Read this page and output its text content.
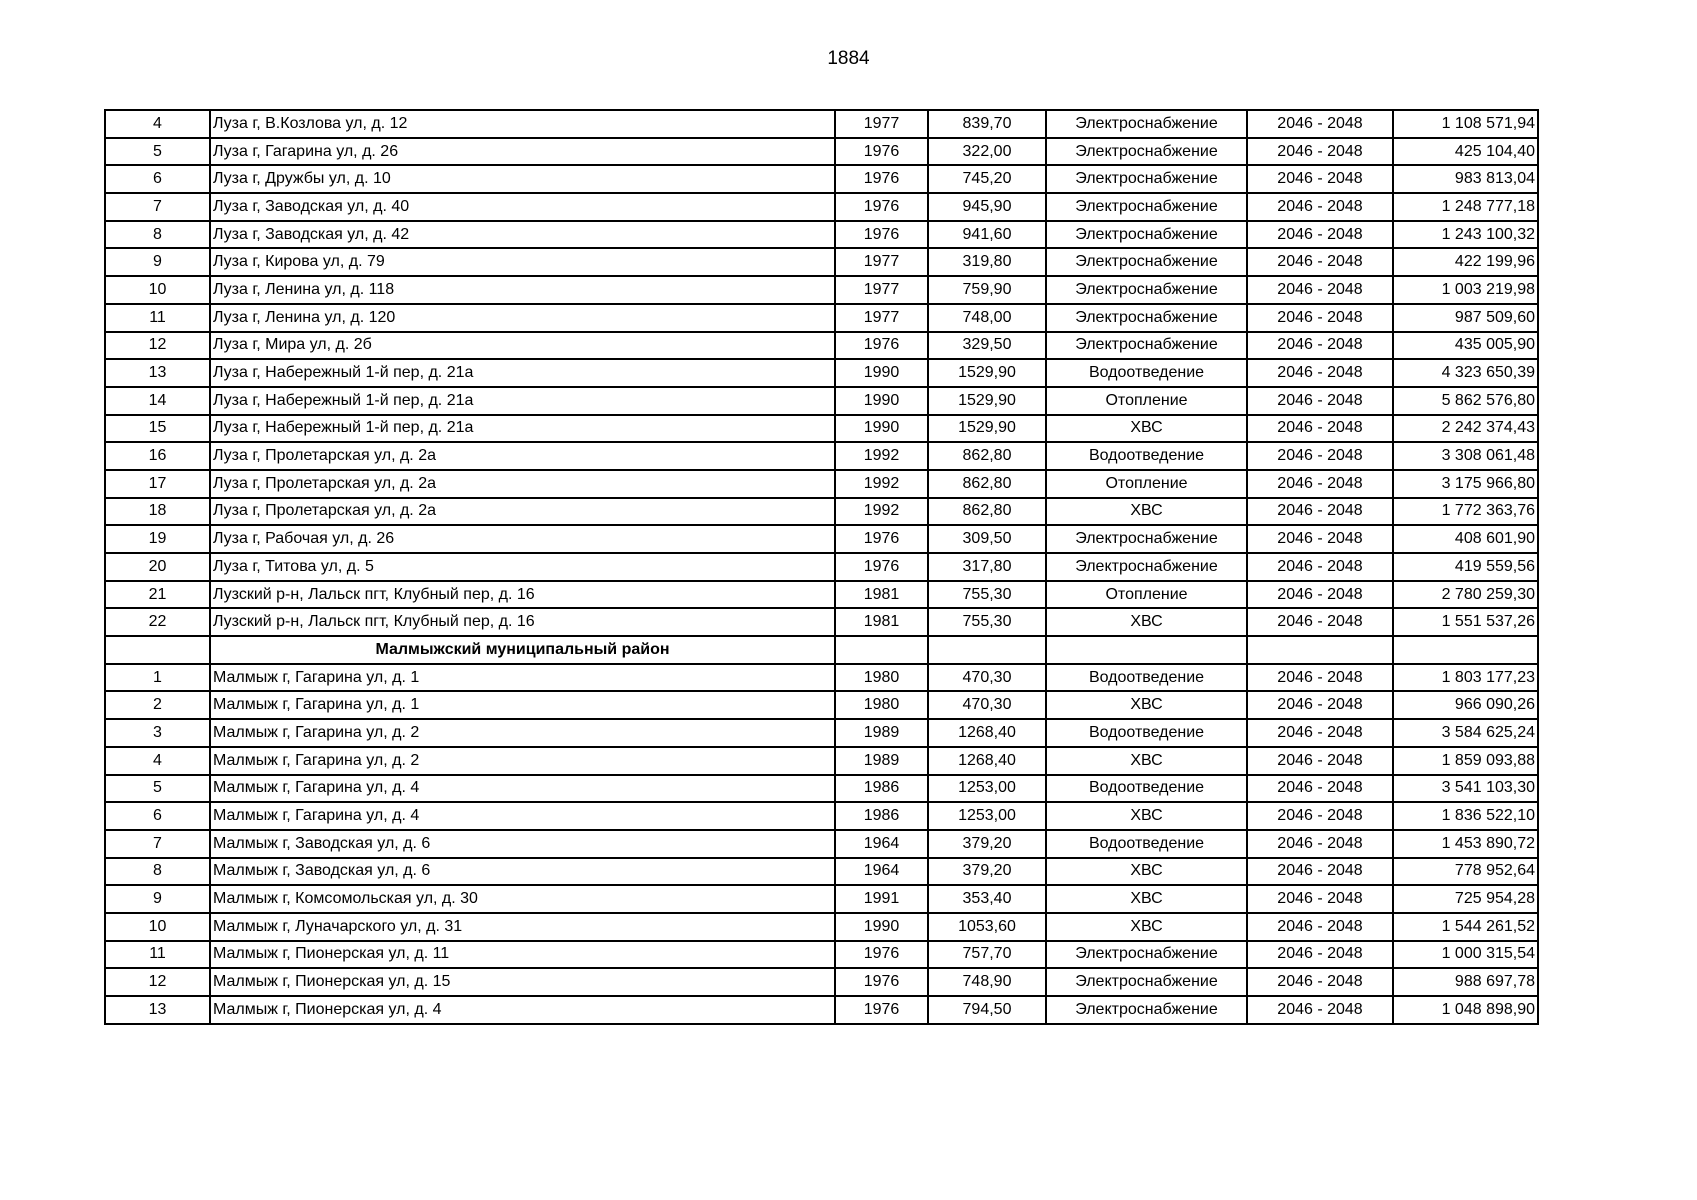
1884
4	Луза г, В.Козлова ул, д. 12	1977	839,70	Электроснабжение	2046 - 2048	1 108 571,94
5	Луза г, Гагарина ул, д. 26	1976	322,00	Электроснабжение	2046 - 2048	425 104,40
6	Луза г, Дружбы ул, д. 10	1976	745,20	Электроснабжение	2046 - 2048	983 813,04
7	Луза г, Заводская ул, д. 40	1976	945,90	Электроснабжение	2046 - 2048	1 248 777,18
8	Луза г, Заводская ул, д. 42	1976	941,60	Электроснабжение	2046 - 2048	1 243 100,32
9	Луза г, Кирова ул, д. 79	1977	319,80	Электроснабжение	2046 - 2048	422 199,96
10	Луза г, Ленина ул, д. 118	1977	759,90	Электроснабжение	2046 - 2048	1 003 219,98
11	Луза г, Ленина ул, д. 120	1977	748,00	Электроснабжение	2046 - 2048	987 509,60
12	Луза г, Мира ул, д. 2б	1976	329,50	Электроснабжение	2046 - 2048	435 005,90
13	Луза г, Набережный 1-й пер, д. 21а	1990	1529,90	Водоотведение	2046 - 2048	4 323 650,39
14	Луза г, Набережный 1-й пер, д. 21а	1990	1529,90	Отопление	2046 - 2048	5 862 576,80
15	Луза г, Набережный 1-й пер, д. 21а	1990	1529,90	ХВС	2046 - 2048	2 242 374,43
16	Луза г, Пролетарская ул, д. 2а	1992	862,80	Водоотведение	2046 - 2048	3 308 061,48
17	Луза г, Пролетарская ул, д. 2а	1992	862,80	Отопление	2046 - 2048	3 175 966,80
18	Луза г, Пролетарская ул, д. 2а	1992	862,80	ХВС	2046 - 2048	1 772 363,76
19	Луза г, Рабочая ул, д. 26	1976	309,50	Электроснабжение	2046 - 2048	408 601,90
20	Луза г, Титова ул, д. 5	1976	317,80	Электроснабжение	2046 - 2048	419 559,56
21	Лузский р-н, Лальск пгт, Клубный пер, д. 16	1981	755,30	Отопление	2046 - 2048	2 780 259,30
22	Лузский р-н, Лальск пгт, Клубный пер, д. 16	1981	755,30	ХВС	2046 - 2048	1 551 537,26
	Малмыжский муниципальный район					
1	Малмыж г, Гагарина ул, д. 1	1980	470,30	Водоотведение	2046 - 2048	1 803 177,23
2	Малмыж г, Гагарина ул, д. 1	1980	470,30	ХВС	2046 - 2048	966 090,26
3	Малмыж г, Гагарина ул, д. 2	1989	1268,40	Водоотведение	2046 - 2048	3 584 625,24
4	Малмыж г, Гагарина ул, д. 2	1989	1268,40	ХВС	2046 - 2048	1 859 093,88
5	Малмыж г, Гагарина ул, д. 4	1986	1253,00	Водоотведение	2046 - 2048	3 541 103,30
6	Малмыж г, Гагарина ул, д. 4	1986	1253,00	ХВС	2046 - 2048	1 836 522,10
7	Малмыж г, Заводская ул, д. 6	1964	379,20	Водоотведение	2046 - 2048	1 453 890,72
8	Малмыж г, Заводская ул, д. 6	1964	379,20	ХВС	2046 - 2048	778 952,64
9	Малмыж г, Комсомольская ул, д. 30	1991	353,40	ХВС	2046 - 2048	725 954,28
10	Малмыж г, Луначарского ул, д. 31	1990	1053,60	ХВС	2046 - 2048	1 544 261,52
11	Малмыж г, Пионерская ул, д. 11	1976	757,70	Электроснабжение	2046 - 2048	1 000 315,54
12	Малмыж г, Пионерская ул, д. 15	1976	748,90	Электроснабжение	2046 - 2048	988 697,78
13	Малмыж г, Пионерская ул, д. 4	1976	794,50	Электроснабжение	2046 - 2048	1 048 898,90
